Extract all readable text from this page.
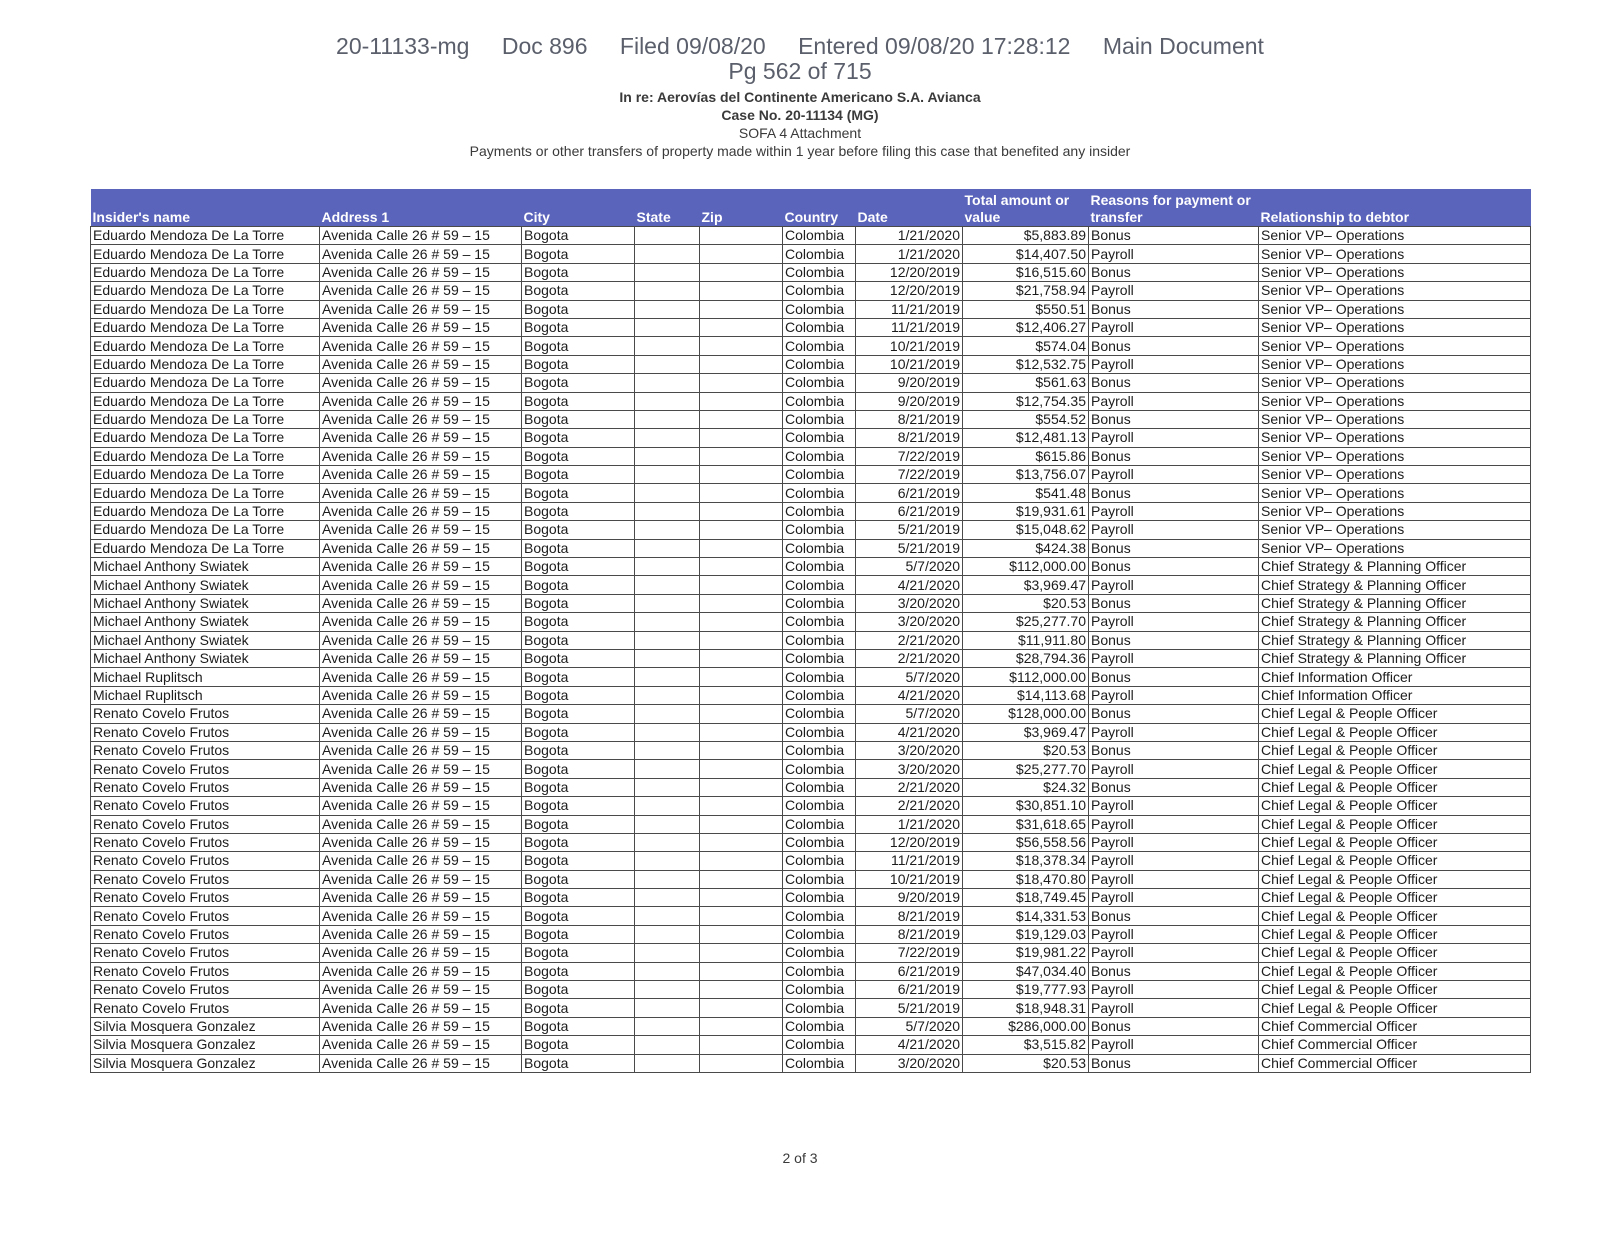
20-11133-mg Doc 896 Filed 09/08/20 Entered 09/08/20 17:28:12 Main Document
Pg 562 of 715
In re: Aerovías del Continente Americano S.A. Avianca
Case No. 20-11134 (MG)
SOFA 4 Attachment
Payments or other transfers of property made within 1 year before filing this case that benefited any insider
Insider's name	Address 1	City	State	Zip	Country	Date	Total amount or value	Reasons for payment or transfer	Relationship to debtor
Eduardo Mendoza De La Torre	Avenida Calle 26 # 59 – 15	Bogota			Colombia	1/21/2020	$5,883.89	Bonus	Senior VP– Operations
Eduardo Mendoza De La Torre	Avenida Calle 26 # 59 – 15	Bogota			Colombia	1/21/2020	$14,407.50	Payroll	Senior VP– Operations
Eduardo Mendoza De La Torre	Avenida Calle 26 # 59 – 15	Bogota			Colombia	12/20/2019	$16,515.60	Bonus	Senior VP– Operations
Eduardo Mendoza De La Torre	Avenida Calle 26 # 59 – 15	Bogota			Colombia	12/20/2019	$21,758.94	Payroll	Senior VP– Operations
Eduardo Mendoza De La Torre	Avenida Calle 26 # 59 – 15	Bogota			Colombia	11/21/2019	$550.51	Bonus	Senior VP– Operations
Eduardo Mendoza De La Torre	Avenida Calle 26 # 59 – 15	Bogota			Colombia	11/21/2019	$12,406.27	Payroll	Senior VP– Operations
Eduardo Mendoza De La Torre	Avenida Calle 26 # 59 – 15	Bogota			Colombia	10/21/2019	$574.04	Bonus	Senior VP– Operations
Eduardo Mendoza De La Torre	Avenida Calle 26 # 59 – 15	Bogota			Colombia	10/21/2019	$12,532.75	Payroll	Senior VP– Operations
Eduardo Mendoza De La Torre	Avenida Calle 26 # 59 – 15	Bogota			Colombia	9/20/2019	$561.63	Bonus	Senior VP– Operations
Eduardo Mendoza De La Torre	Avenida Calle 26 # 59 – 15	Bogota			Colombia	9/20/2019	$12,754.35	Payroll	Senior VP– Operations
Eduardo Mendoza De La Torre	Avenida Calle 26 # 59 – 15	Bogota			Colombia	8/21/2019	$554.52	Bonus	Senior VP– Operations
Eduardo Mendoza De La Torre	Avenida Calle 26 # 59 – 15	Bogota			Colombia	8/21/2019	$12,481.13	Payroll	Senior VP– Operations
Eduardo Mendoza De La Torre	Avenida Calle 26 # 59 – 15	Bogota			Colombia	7/22/2019	$615.86	Bonus	Senior VP– Operations
Eduardo Mendoza De La Torre	Avenida Calle 26 # 59 – 15	Bogota			Colombia	7/22/2019	$13,756.07	Payroll	Senior VP– Operations
Eduardo Mendoza De La Torre	Avenida Calle 26 # 59 – 15	Bogota			Colombia	6/21/2019	$541.48	Bonus	Senior VP– Operations
Eduardo Mendoza De La Torre	Avenida Calle 26 # 59 – 15	Bogota			Colombia	6/21/2019	$19,931.61	Payroll	Senior VP– Operations
Eduardo Mendoza De La Torre	Avenida Calle 26 # 59 – 15	Bogota			Colombia	5/21/2019	$15,048.62	Payroll	Senior VP– Operations
Eduardo Mendoza De La Torre	Avenida Calle 26 # 59 – 15	Bogota			Colombia	5/21/2019	$424.38	Bonus	Senior VP– Operations
Michael Anthony Swiatek	Avenida Calle 26 # 59 – 15	Bogota			Colombia	5/7/2020	$112,000.00	Bonus	Chief Strategy & Planning Officer
Michael Anthony Swiatek	Avenida Calle 26 # 59 – 15	Bogota			Colombia	4/21/2020	$3,969.47	Payroll	Chief Strategy & Planning Officer
Michael Anthony Swiatek	Avenida Calle 26 # 59 – 15	Bogota			Colombia	3/20/2020	$20.53	Bonus	Chief Strategy & Planning Officer
Michael Anthony Swiatek	Avenida Calle 26 # 59 – 15	Bogota			Colombia	3/20/2020	$25,277.70	Payroll	Chief Strategy & Planning Officer
Michael Anthony Swiatek	Avenida Calle 26 # 59 – 15	Bogota			Colombia	2/21/2020	$11,911.80	Bonus	Chief Strategy & Planning Officer
Michael Anthony Swiatek	Avenida Calle 26 # 59 – 15	Bogota			Colombia	2/21/2020	$28,794.36	Payroll	Chief Strategy & Planning Officer
Michael Ruplitsch	Avenida Calle 26 # 59 – 15	Bogota			Colombia	5/7/2020	$112,000.00	Bonus	Chief Information Officer
Michael Ruplitsch	Avenida Calle 26 # 59 – 15	Bogota			Colombia	4/21/2020	$14,113.68	Payroll	Chief Information Officer
Renato Covelo Frutos	Avenida Calle 26 # 59 – 15	Bogota			Colombia	5/7/2020	$128,000.00	Bonus	Chief Legal & People Officer
Renato Covelo Frutos	Avenida Calle 26 # 59 – 15	Bogota			Colombia	4/21/2020	$3,969.47	Payroll	Chief Legal & People Officer
Renato Covelo Frutos	Avenida Calle 26 # 59 – 15	Bogota			Colombia	3/20/2020	$20.53	Bonus	Chief Legal & People Officer
Renato Covelo Frutos	Avenida Calle 26 # 59 – 15	Bogota			Colombia	3/20/2020	$25,277.70	Payroll	Chief Legal & People Officer
Renato Covelo Frutos	Avenida Calle 26 # 59 – 15	Bogota			Colombia	2/21/2020	$24.32	Bonus	Chief Legal & People Officer
Renato Covelo Frutos	Avenida Calle 26 # 59 – 15	Bogota			Colombia	2/21/2020	$30,851.10	Payroll	Chief Legal & People Officer
Renato Covelo Frutos	Avenida Calle 26 # 59 – 15	Bogota			Colombia	1/21/2020	$31,618.65	Payroll	Chief Legal & People Officer
Renato Covelo Frutos	Avenida Calle 26 # 59 – 15	Bogota			Colombia	12/20/2019	$56,558.56	Payroll	Chief Legal & People Officer
Renato Covelo Frutos	Avenida Calle 26 # 59 – 15	Bogota			Colombia	11/21/2019	$18,378.34	Payroll	Chief Legal & People Officer
Renato Covelo Frutos	Avenida Calle 26 # 59 – 15	Bogota			Colombia	10/21/2019	$18,470.80	Payroll	Chief Legal & People Officer
Renato Covelo Frutos	Avenida Calle 26 # 59 – 15	Bogota			Colombia	9/20/2019	$18,749.45	Payroll	Chief Legal & People Officer
Renato Covelo Frutos	Avenida Calle 26 # 59 – 15	Bogota			Colombia	8/21/2019	$14,331.53	Bonus	Chief Legal & People Officer
Renato Covelo Frutos	Avenida Calle 26 # 59 – 15	Bogota			Colombia	8/21/2019	$19,129.03	Payroll	Chief Legal & People Officer
Renato Covelo Frutos	Avenida Calle 26 # 59 – 15	Bogota			Colombia	7/22/2019	$19,981.22	Payroll	Chief Legal & People Officer
Renato Covelo Frutos	Avenida Calle 26 # 59 – 15	Bogota			Colombia	6/21/2019	$47,034.40	Bonus	Chief Legal & People Officer
Renato Covelo Frutos	Avenida Calle 26 # 59 – 15	Bogota			Colombia	6/21/2019	$19,777.93	Payroll	Chief Legal & People Officer
Renato Covelo Frutos	Avenida Calle 26 # 59 – 15	Bogota			Colombia	5/21/2019	$18,948.31	Payroll	Chief Legal & People Officer
Silvia Mosquera Gonzalez	Avenida Calle 26 # 59 – 15	Bogota			Colombia	5/7/2020	$286,000.00	Bonus	Chief Commercial Officer
Silvia Mosquera Gonzalez	Avenida Calle 26 # 59 – 15	Bogota			Colombia	4/21/2020	$3,515.82	Payroll	Chief Commercial Officer
Silvia Mosquera Gonzalez	Avenida Calle 26 # 59 – 15	Bogota			Colombia	3/20/2020	$20.53	Bonus	Chief Commercial Officer
2 of 3
